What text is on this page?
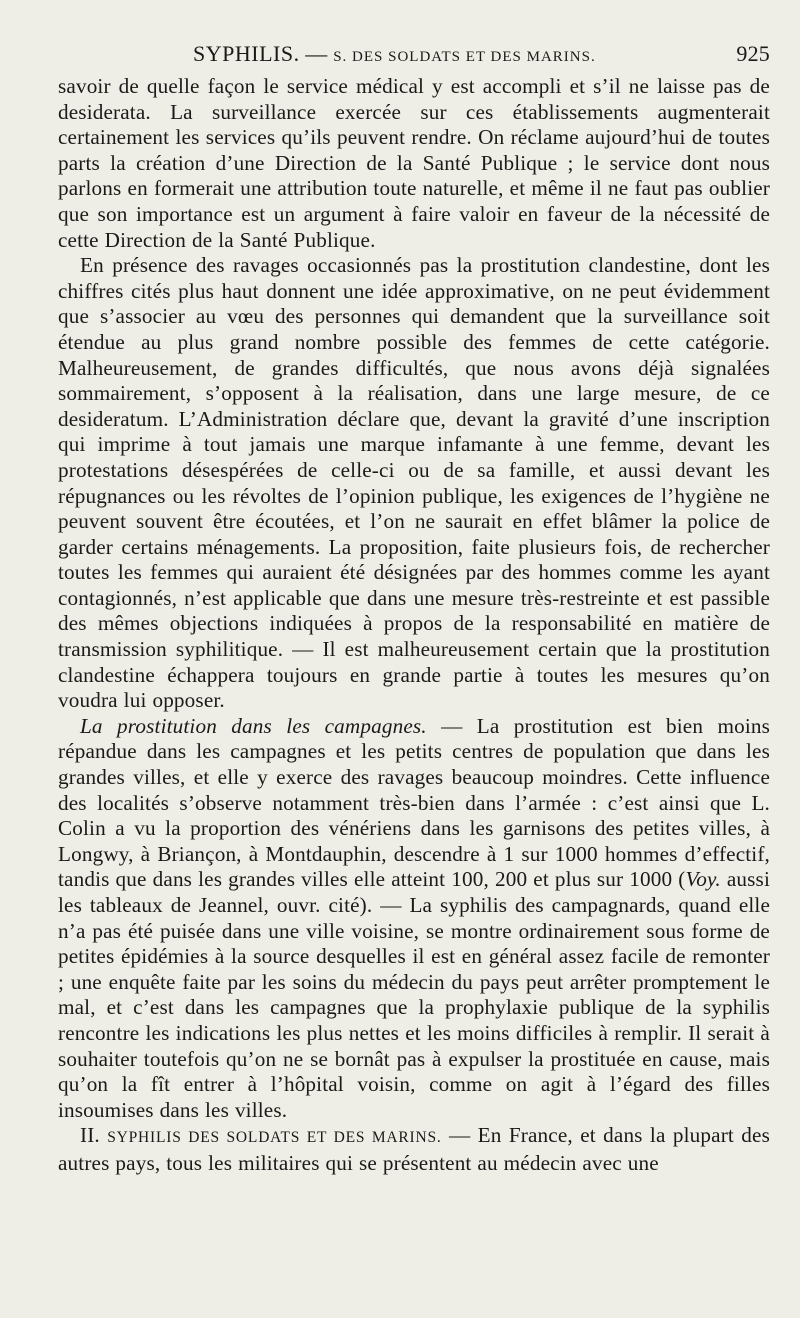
SYPHILIS. — S. DES SOLDATS ET DES MARINS.	925

savoir de quelle façon le service médical y est accompli et s’il ne laisse pas de desiderata. La surveillance exercée sur ces établissements augmenterait certainement les services qu’ils peuvent rendre. On réclame aujourd’hui de toutes parts la création d’une Direction de la Santé Publique ; le service dont nous parlons en formerait une attribution toute naturelle, et même il ne faut pas oublier que son importance est un argument à faire valoir en faveur de la nécessité de cette Direction de la Santé Publique.

En présence des ravages occasionnés pas la prostitution clandestine, dont les chiffres cités plus haut donnent une idée approximative, on ne peut évidemment que s’associer au vœu des personnes qui demandent que la surveillance soit étendue au plus grand nombre possible des femmes de cette catégorie. Malheureusement, de grandes difficultés, que nous avons déjà signalées sommairement, s’opposent à la réalisation, dans une large mesure, de ce desideratum. L’Administration déclare que, devant la gravité d’une inscription qui imprime à tout jamais une marque infamante à une femme, devant les protestations désespérées de celle-ci ou de sa famille, et aussi devant les répugnances ou les révoltes de l’opinion publique, les exigences de l’hygiène ne peuvent souvent être écoutées, et l’on ne saurait en effet blâmer la police de garder certains ménagements. La proposition, faite plusieurs fois, de rechercher toutes les femmes qui auraient été désignées par des hommes comme les ayant contagionnés, n’est applicable que dans une mesure très-restreinte et est passible des mêmes objections indiquées à propos de la responsabilité en matière de transmission syphilitique. — Il est malheureusement certain que la prostitution clandestine échappera toujours en grande partie à toutes les mesures qu’on voudra lui opposer.

La prostitution dans les campagnes. — La prostitution est bien moins répandue dans les campagnes et les petits centres de population que dans les grandes villes, et elle y exerce des ravages beaucoup moindres. Cette influence des localités s’observe notamment très-bien dans l’armée : c’est ainsi que L. Colin a vu la proportion des vénériens dans les garnisons des petites villes, à Longwy, à Briançon, à Montdauphin, descendre à 1 sur 1000 hommes d’effectif, tandis que dans les grandes villes elle atteint 100, 200 et plus sur 1000 (Voy. aussi les tableaux de Jeannel, ouvr. cité). — La syphilis des campagnards, quand elle n’a pas été puisée dans une ville voisine, se montre ordinairement sous forme de petites épidémies à la source desquelles il est en général assez facile de remonter ; une enquête faite par les soins du médecin du pays peut arrêter promptement le mal, et c’est dans les campagnes que la prophylaxie publique de la syphilis rencontre les indications les plus nettes et les moins difficiles à remplir. Il serait à souhaiter toutefois qu’on ne se bornât pas à expulser la prostituée en cause, mais qu’on la fît entrer à l’hôpital voisin, comme on agit à l’égard des filles insoumises dans les villes.

II. SYPHILIS DES SOLDATS ET DES MARINS. — En France, et dans la plupart des autres pays, tous les militaires qui se présentent au médecin avec une
